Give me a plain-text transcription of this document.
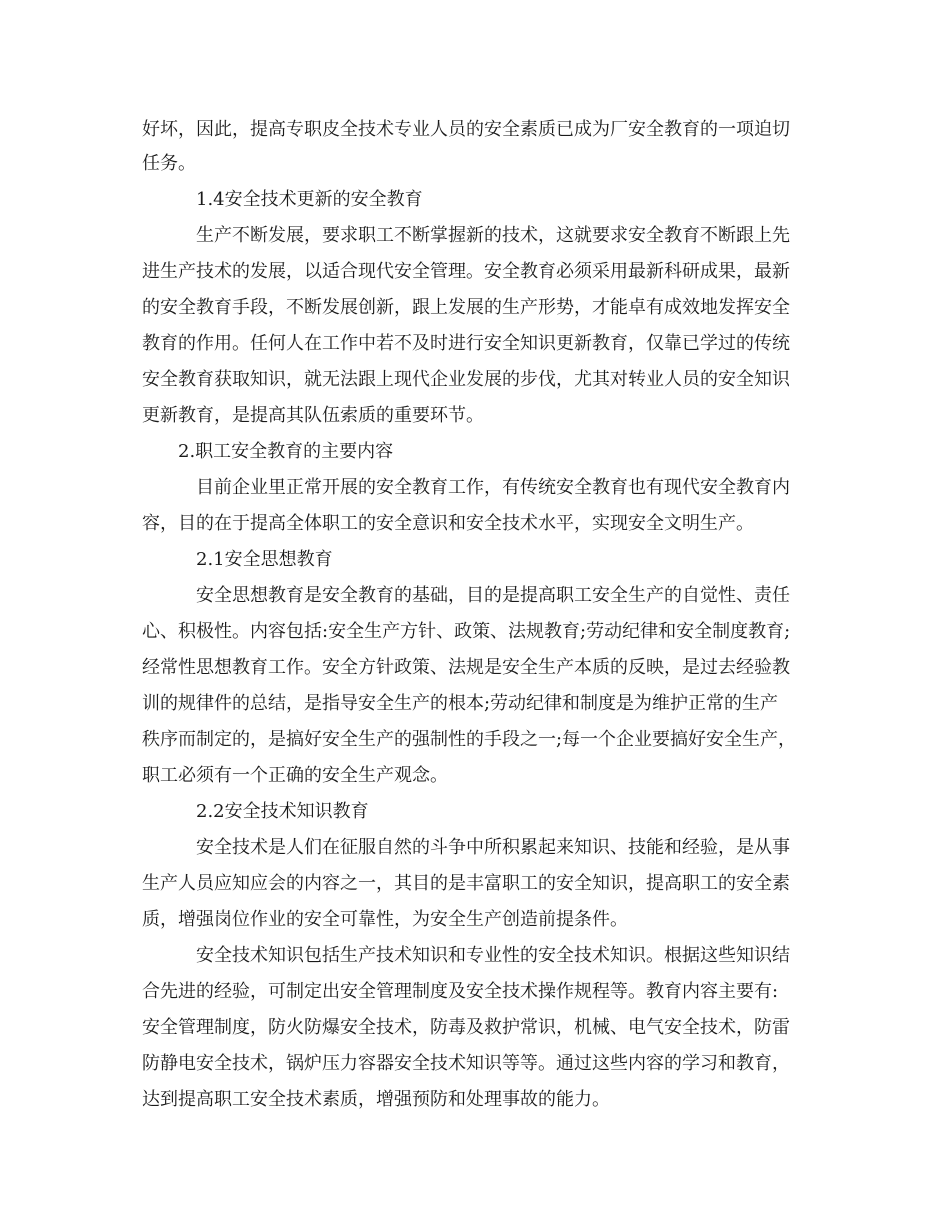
好坏，因此，提高专职皮全技术专业人员的安全素质已成为厂安全教育的一项迫切
任务。
1.4安全技术更新的安全教育
生产不断发展，要求职工不断掌握新的技术，这就要求安全教育不断跟上先
进生产技术的发展，以适合现代安全管理。安全教育必须采用最新科研成果，最新
的安全教育手段，不断发展创新，跟上发展的生产形势，才能卓有成效地发挥安全
教育的作用。任何人在工作中若不及时进行安全知识更新教育，仅靠已学过的传统
安全教育获取知识，就无法跟上现代企业发展的步伐，尤其对转业人员的安全知识
更新教育，是提高其队伍索质的重要环节。
2.职工安全教育的主要内容
目前企业里正常开展的安全教育工作，有传统安全教育也有现代安全教育内
容，目的在于提高全体职工的安全意识和安全技术水平，实现安全文明生产。
2.1安全思想教育
安全思想教育是安全教育的基础，目的是提高职工安全生产的自觉性、责任
心、积极性。内容包括:安全生产方针、政策、法规教育;劳动纪律和安全制度教育;
经常性思想教育工作。安全方针政策、法规是安全生产本质的反映，是过去经验教
训的规律件的总结，是指导安全生产的根本;劳动纪律和制度是为维护正常的生产
秩序而制定的，是搞好安全生产的强制性的手段之一;每一个企业要搞好安全生产，
职工必须有一个正确的安全生产观念。
2.2安全技术知识教育
安全技术是人们在征服自然的斗争中所积累起来知识、技能和经验，是从事
生产人员应知应会的内容之一，其目的是丰富职工的安全知识，提高职工的安全素
质，增强岗位作业的安全可靠性，为安全生产创造前提条件。
安全技术知识包括生产技术知识和专业性的安全技术知识。根据这些知识结
合先进的经验，可制定出安全管理制度及安全技术操作规程等。教育内容主要有:
安全管理制度，防火防爆安全技术，防毒及救护常识，机械、电气安全技术，防雷
防静电安全技术，锅炉压力容器安全技术知识等等。通过这些内容的学习和教育，
达到提高职工安全技术素质，增强预防和处理事故的能力。
